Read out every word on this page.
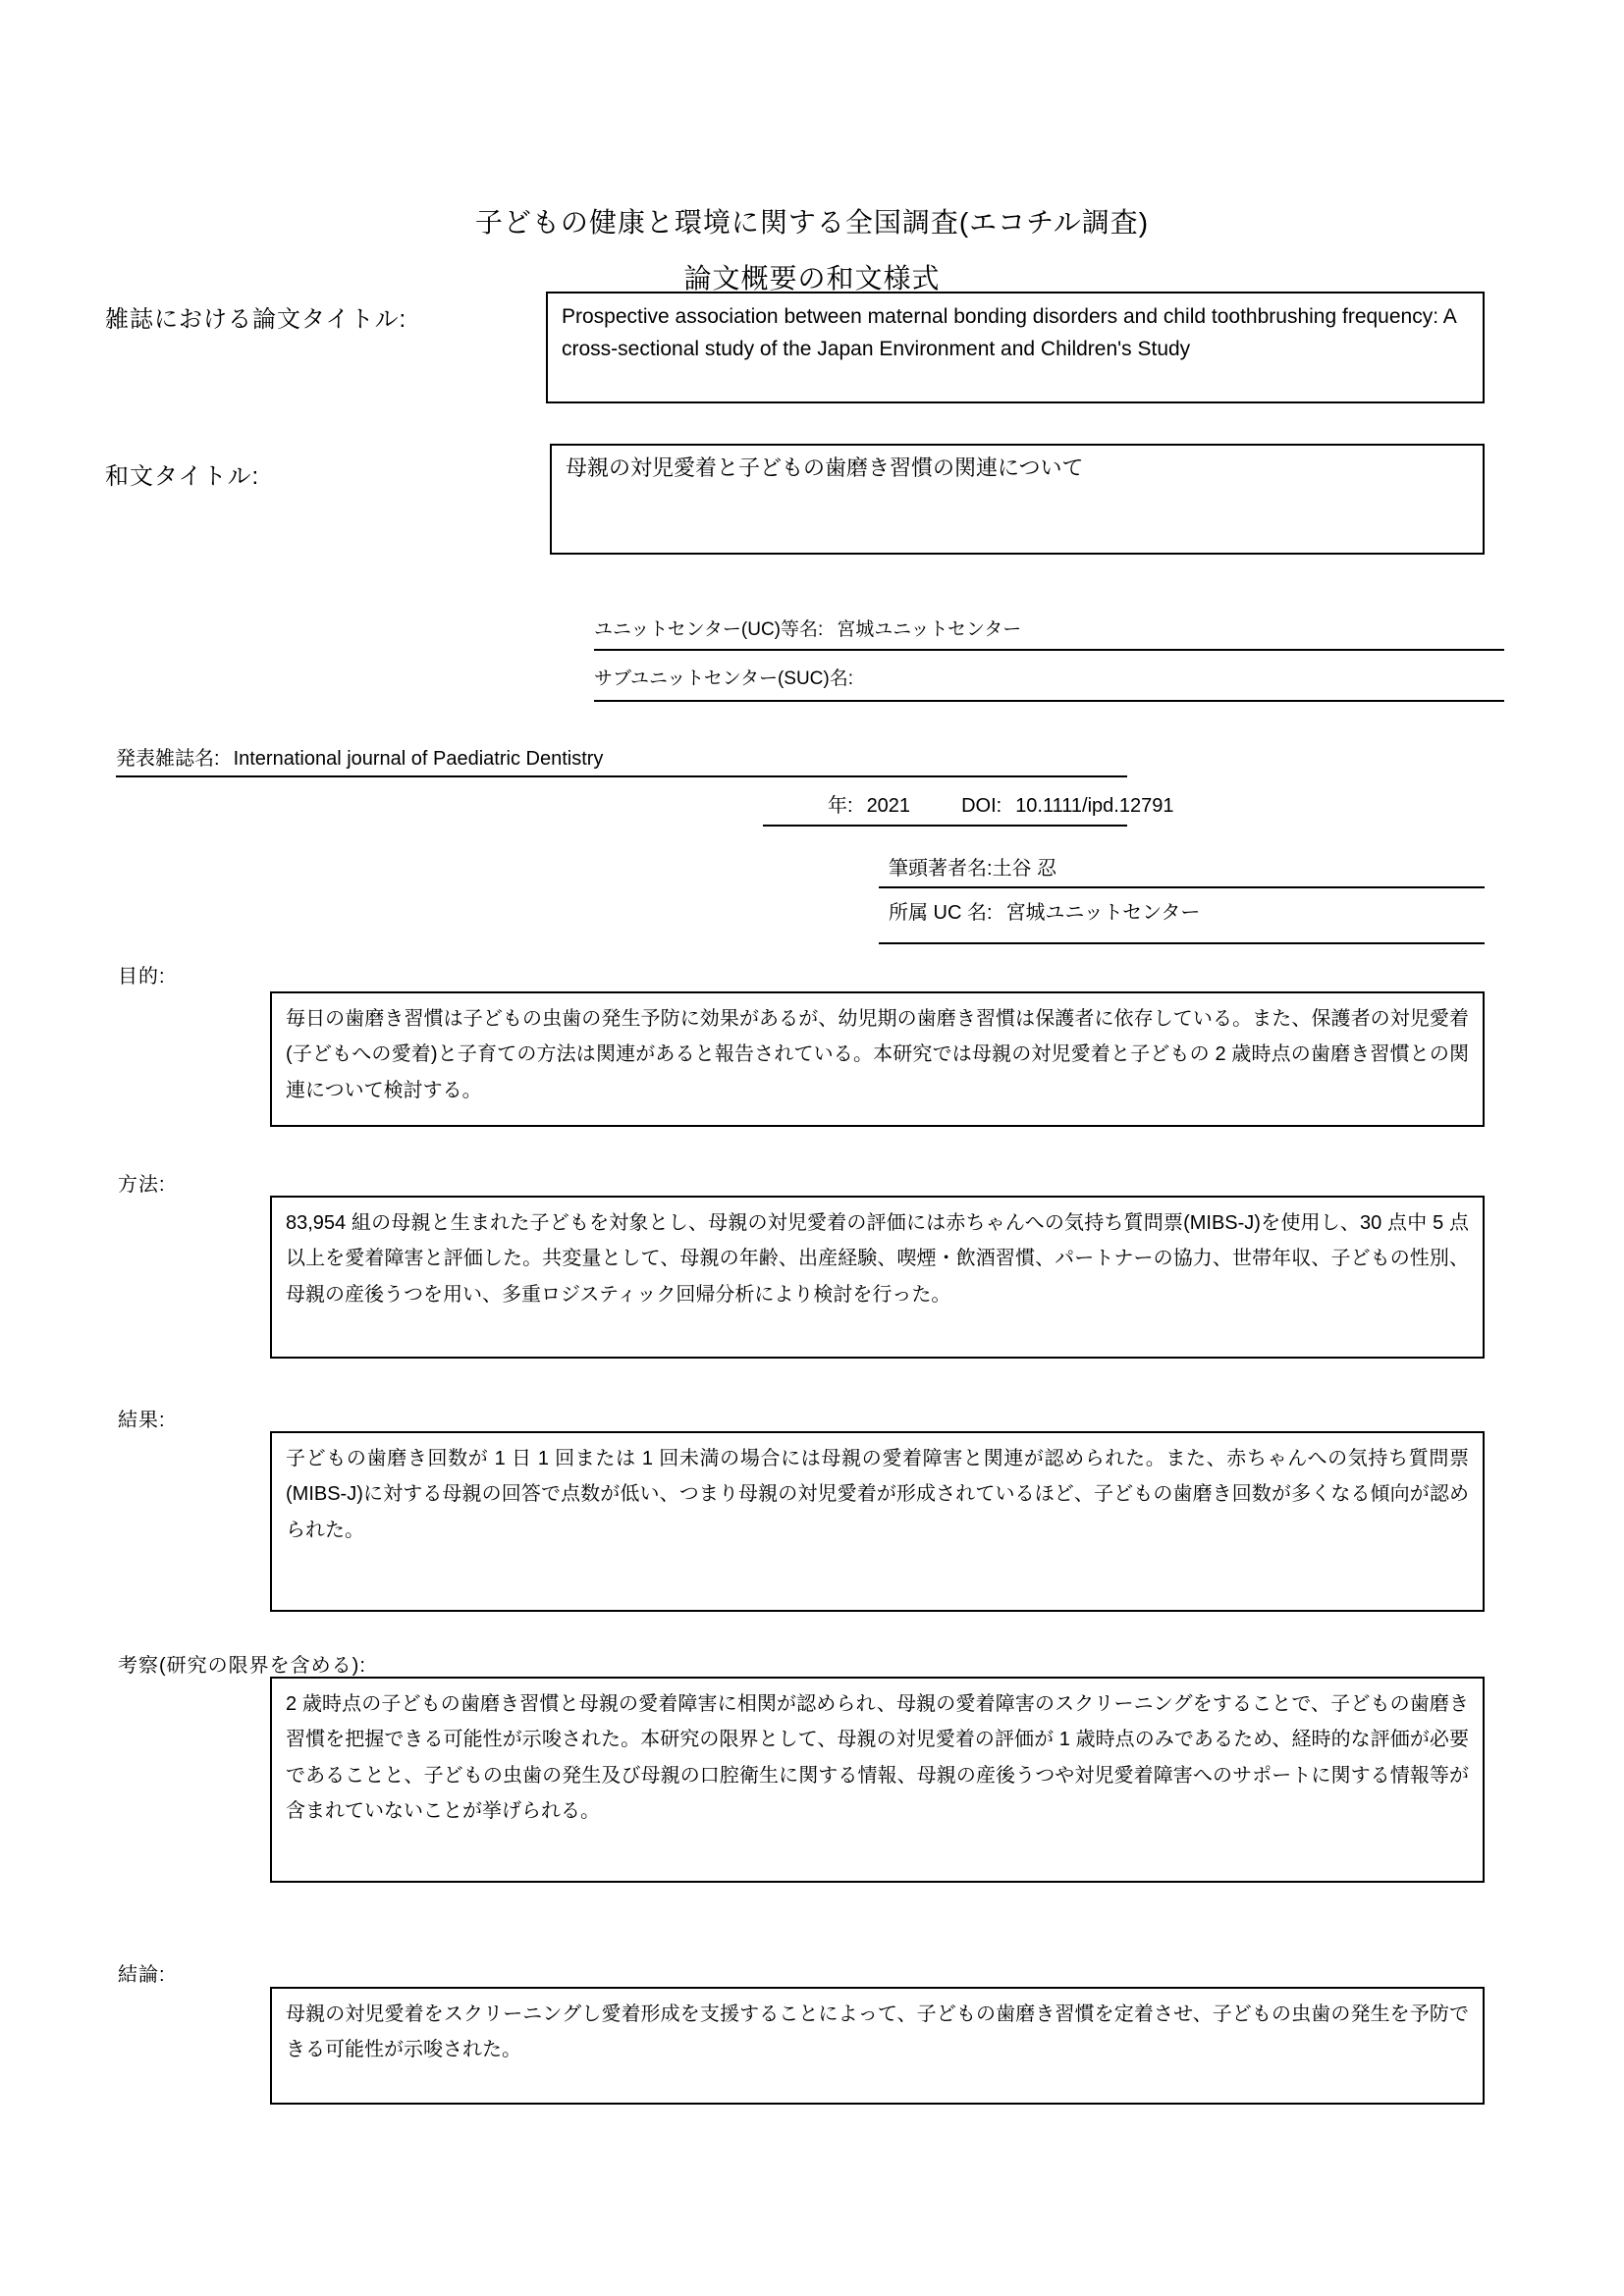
子どもの健康と環境に関する全国調査(エコチル調査)
論文概要の和文様式
雑誌における論文タイトル:	Prospective association between maternal bonding disorders and child toothbrushing frequency: A cross-sectional study of the Japan Environment and Children's Study
和文タイトル:	母親の対児愛着と子どもの歯磨き習慣の関連について
ユニットセンター(UC)等名: 宮城ユニットセンター
サブユニットセンター(SUC)名:
発表雑誌名: International journal of Paediatric Dentistry
年: 2021	DOI: 10.1111/ipd.12791
筆頭著者名:土谷 忍
所属 UC 名: 宮城ユニットセンター
目的:
毎日の歯磨き習慣は子どもの虫歯の発生予防に効果があるが、幼児期の歯磨き習慣は保護者に依存している。また、保護者の対児愛着(子どもへの愛着)と子育ての方法は関連があると報告されている。本研究では母親の対児愛着と子どもの 2 歳時点の歯磨き習慣との関連について検討する。
方法:
83,954 組の母親と生まれた子どもを対象とし、母親の対児愛着の評価には赤ちゃんへの気持ち質問票(MIBS-J)を使用し、30 点中 5 点以上を愛着障害と評価した。共変量として、母親の年齢、出産経験、喫煙・飲酒習慣、パートナーの協力、世帯年収、子どもの性別、母親の産後うつを用い、多重ロジスティック回帰分析により検討を行った。
結果:
子どもの歯磨き回数が 1 日 1 回または 1 回未満の場合には母親の愛着障害と関連が認められた。また、赤ちゃんへの気持ち質問票(MIBS-J)に対する母親の回答で点数が低い、つまり母親の対児愛着が形成されているほど、子どもの歯磨き回数が多くなる傾向が認められた。
考察(研究の限界を含める):
2 歳時点の子どもの歯磨き習慣と母親の愛着障害に相関が認められ、母親の愛着障害のスクリーニングをすることで、子どもの歯磨き習慣を把握できる可能性が示唆された。本研究の限界として、母親の対児愛着の評価が 1 歳時点のみであるため、経時的な評価が必要であることと、子どもの虫歯の発生及び母親の口腔衛生に関する情報、母親の産後うつや対児愛着障害へのサポートに関する情報等が含まれていないことが挙げられる。
結論:
母親の対児愛着をスクリーニングし愛着形成を支援することによって、子どもの歯磨き習慣を定着させ、子どもの虫歯の発生を予防できる可能性が示唆された。
